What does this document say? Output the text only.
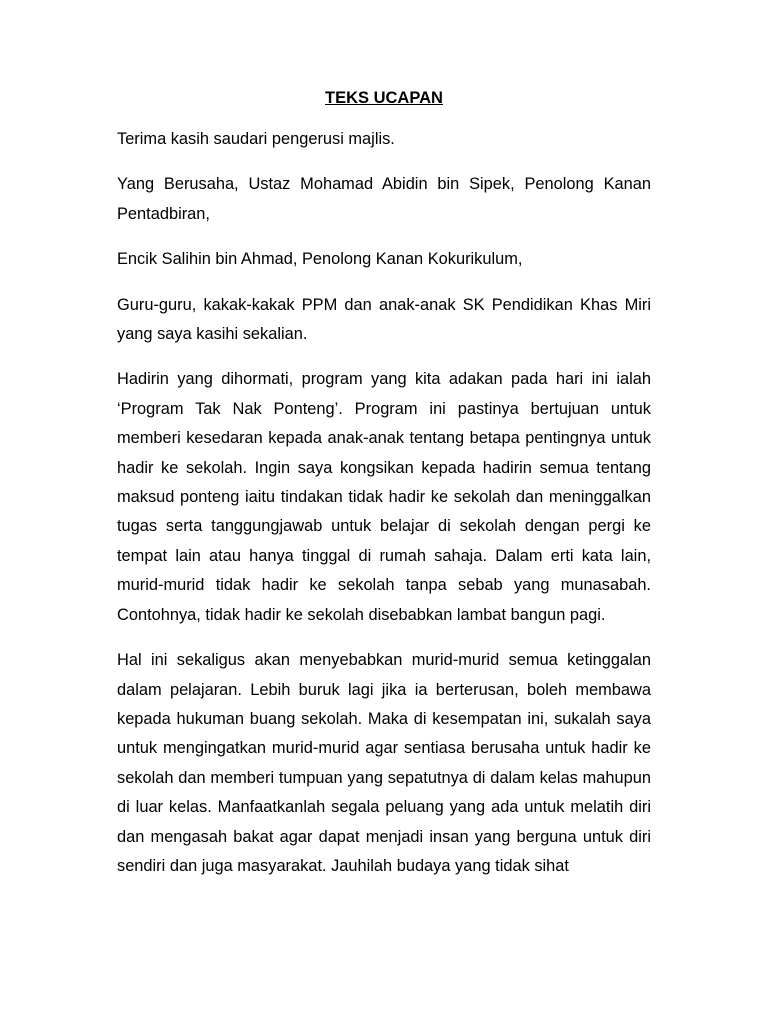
TEKS UCAPAN

Terima kasih saudari pengerusi majlis.

Yang Berusaha, Ustaz Mohamad Abidin bin Sipek, Penolong Kanan Pentadbiran,

Encik Salihin bin Ahmad, Penolong Kanan Kokurikulum,

Guru-guru, kakak-kakak PPM dan anak-anak SK Pendidikan Khas Miri yang saya kasihi sekalian.

Hadirin yang dihormati, program yang kita adakan pada hari ini ialah ‘Program Tak Nak Ponteng’. Program ini pastinya bertujuan untuk memberi kesedaran kepada anak-anak tentang betapa pentingnya untuk hadir ke sekolah. Ingin saya kongsikan kepada hadirin semua tentang maksud ponteng iaitu tindakan tidak hadir ke sekolah dan meninggalkan tugas serta tanggungjawab untuk belajar di sekolah dengan pergi ke tempat lain atau hanya tinggal di rumah sahaja. Dalam erti kata lain, murid-murid tidak hadir ke sekolah tanpa sebab yang munasabah. Contohnya, tidak hadir ke sekolah disebabkan lambat bangun pagi.

Hal ini sekaligus akan menyebabkan murid-murid semua ketinggalan dalam pelajaran. Lebih buruk lagi jika ia berterusan, boleh membawa kepada hukuman buang sekolah. Maka di kesempatan ini, sukalah saya untuk mengingatkan murid-murid agar sentiasa berusaha untuk hadir ke sekolah dan memberi tumpuan yang sepatutnya di dalam kelas mahupun di luar kelas. Manfaatkanlah segala peluang yang ada untuk melatih diri dan mengasah bakat agar dapat menjadi insan yang berguna untuk diri sendiri dan juga masyarakat. Jauhilah budaya yang tidak sihat
